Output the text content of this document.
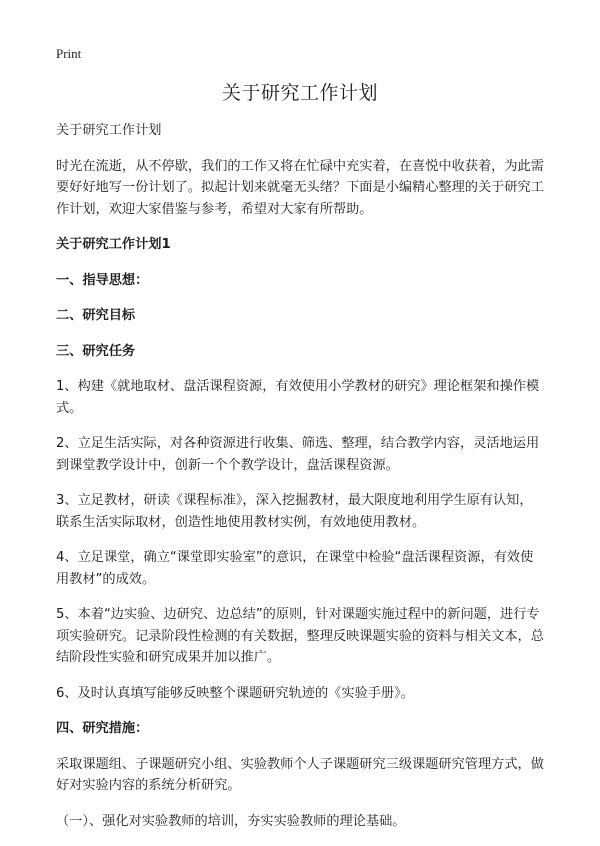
Print
关于研究工作计划

关于研究工作计划

时光在流逝，从不停歇，我们的工作又将在忙碌中充实着，在喜悦中收获着，为此需要好好地写一份计划了。拟起计划来就毫无头绪？下面是小编精心整理的关于研究工作计划，欢迎大家借鉴与参考，希望对大家有所帮助。

关于研究工作计划1

一、指导思想：

二、研究目标

三、研究任务

1、构建《就地取材、盘活课程资源，有效使用小学教材的研究》理论框架和操作模式。

2、立足生活实际，对各种资源进行收集、筛选、整理，结合教学内容，灵活地运用到课堂教学设计中，创新一个个教学设计，盘活课程资源。

3、立足教材，研读《课程标准》，深入挖掘教材，最大限度地利用学生原有认知，联系生活实际取材，创造性地使用教材实例，有效地使用教材。

4、立足课堂，确立“课堂即实验室”的意识，在课堂中检验“盘活课程资源，有效使用教材”的成效。

5、本着“边实验、边研究、边总结”的原则，针对课题实施过程中的新问题，进行专项实验研究。记录阶段性检测的有关数据，整理反映课题实验的资料与相关文本，总结阶段性实验和研究成果并加以推广。

6、及时认真填写能够反映整个课题研究轨迹的《实验手册》。

四、研究措施：

采取课题组、子课题研究小组、实验教师个人子课题研究三级课题研究管理方式，做好对实验内容的系统分析研究。

（一）、强化对实验教师的培训，夯实实验教师的理论基础。
